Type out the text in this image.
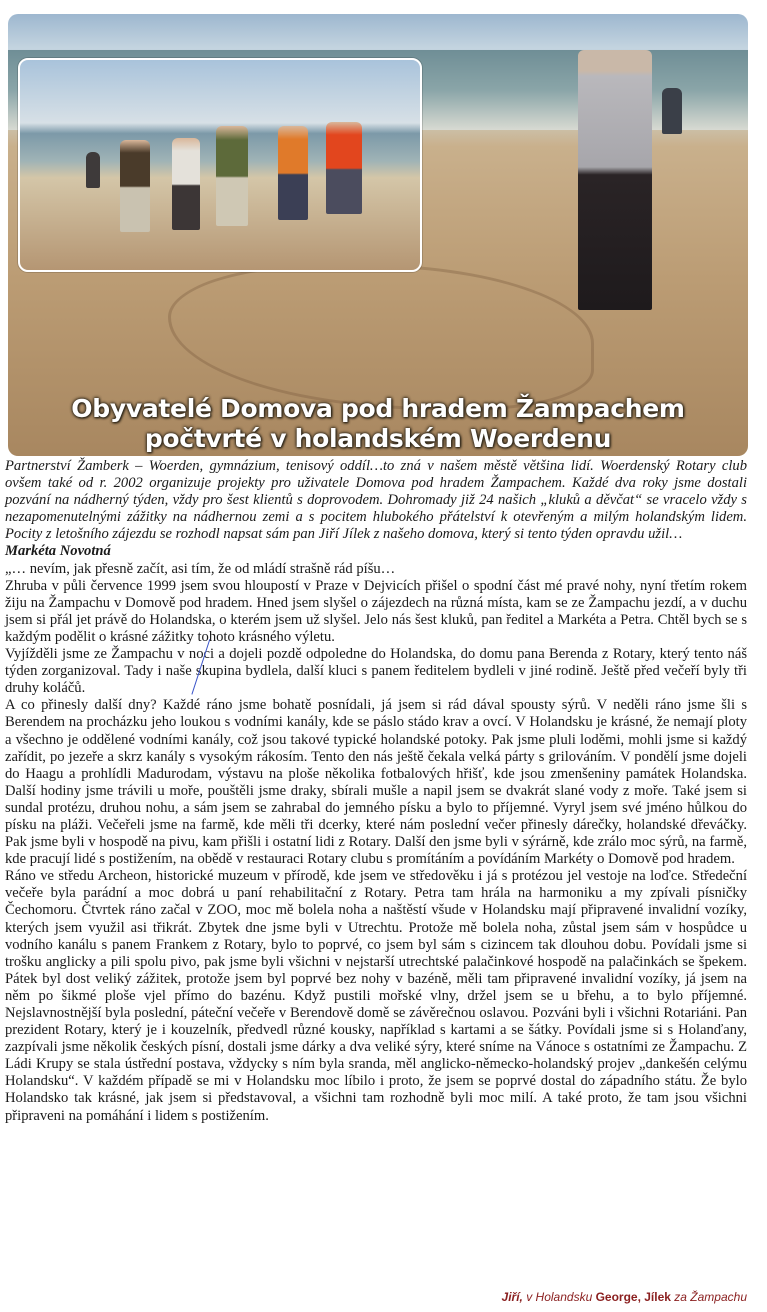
Obyvatelé Domova pod hradem Žampachem
počtvrté v holandském Woerdenu

Partnerství Žamberk – Woerden, gymnázium, tenisový oddíl…to zná v našem městě většina lidí. Woerdenský Rotary club ovšem také od r. 2002 organizuje projekty pro uživatele Domova pod hradem Žampachem. Každé dva roky jsme dostali pozvání na nádherný týden, vždy pro šest klientů s doprovodem. Dohromady již 24 našich „kluků a děvčat“ se vracelo vždy s nezapomenutelnými zážitky na nádhernou zemi a s pocitem hlubokého přátelství k otevřeným a milým holandským lidem. Pocity z letošního zájezdu se rozhodl napsat sám pan Jiří Jílek z našeho domova, který si tento týden opravdu užil…

Markéta Novotná

„… nevím, jak přesně začít, asi tím, že od mládí strašně rád píšu…

Zhruba v půli července 1999 jsem svou hloupostí v Praze v Dejvicích přišel o spodní část mé pravé nohy, nyní třetím rokem žiju na Žampachu v Domově pod hradem. Hned jsem slyšel o zájezdech na různá místa, kam se ze Žampachu jezdí, a v duchu jsem si přál jet právě do Holandska, o kterém jsem už slyšel. Jelo nás šest kluků, pan ředitel a Markéta a Petra. Chtěl bych se s každým podělit o krásné zážitky tohoto krásného výletu.

Vyjížděli jsme ze Žampachu v noci a dojeli pozdě odpoledne do Holandska, do domu pana Berenda z Rotary, který tento náš týden zorganizoval. Tady i naše skupina bydlela, další kluci s panem ředitelem bydleli v jiné rodině. Ještě před večeří byly tři druhy koláčů.

A co přinesly další dny? Každé ráno jsme bohatě posnídali, já jsem si rád dával spousty sýrů. V neděli ráno jsme šli s Berendem na procházku jeho loukou s vodními kanály, kde se páslo stádo krav a ovcí. V Holandsku je krásné, že nemají ploty a všechno je oddělené vodními kanály, což jsou takové typické holandské potoky. Pak jsme pluli loděmi, mohli jsme si každý zařídit, po jezeře a skrz kanály s vysokým rákosím. Tento den nás ještě čekala velká párty s grilováním. V pondělí jsme dojeli do Haagu a prohlídli Madurodam, výstavu na ploše několika fotbalových hřišť, kde jsou zmenšeniny památek Holandska. Další hodiny jsme trávili u moře, pouštěli jsme draky, sbírali mušle a napil jsem se dvakrát slané vody z moře. Také jsem si sundal protézu, druhou nohu, a sám jsem se zahrabal do jemného písku a bylo to příjemné. Vyryl jsem své jméno hůlkou do písku na pláži. Večeřeli jsme na farmě, kde měli tři dcerky, které nám poslední večer přinesly dárečky, holandské dřeváčky. Pak jsme byli v hospodě na pivu, kam přišli i ostatní lidi z Rotary. Další den jsme byli v sýrárně, kde zrálo moc sýrů, na farmě, kde pracují lidé s postižením, na obědě v restauraci Rotary clubu s promítáním a povídáním Markéty o Domově pod hradem.

Ráno ve středu Archeon, historické muzeum v přírodě, kde jsem ve středověku i já s protézou jel vestoje na loďce. Středeční večeře byla parádní a moc dobrá u paní rehabilitační z Rotary. Petra tam hrála na harmoniku a my zpívali písničky Čechomoru. Čtvrtek ráno začal v ZOO, moc mě bolela noha a naštěstí všude v Holandsku mají připravené invalidní vozíky, kterých jsem využil asi třikrát. Zbytek dne jsme byli v Utrechtu. Protože mě bolela noha, zůstal jsem sám v hospůdce u vodního kanálu s panem Frankem z Rotary, bylo to poprvé, co jsem byl sám s cizincem tak dlouhou dobu. Povídali jsme si trošku anglicky a pili spolu pivo, pak jsme byli všichni v nejstarší utrechtské palačinkové hospodě na palačinkách se špekem. Pátek byl dost veliký zážitek, protože jsem byl poprvé bez nohy v bazéně, měli tam připravené invalidní vozíky, já jsem na něm po šikmé ploše vjel přímo do bazénu. Když pustili mořské vlny, držel jsem se u břehu, a to bylo příjemné. Nejslavnostnější byla poslední, páteční večeře v Berendově domě se závěrečnou oslavou. Pozváni byli i všichni Rotariáni. Pan prezident Rotary, který je i kouzelník, předvedl různé kousky, například s kartami a se šátky. Povídali jsme si s Holanďany, zazpívali jsme několik českých písní, dostali jsme dárky a dva veliké sýry, které sníme na Vánoce s ostatními ze Žampachu. Z Ládi Krupy se stala ústřední postava, vždycky s ním byla sranda, měl anglicko-německo-holandský projev „dankešén celýmu Holandsku“. V každém případě se mi v Holandsku moc líbilo i proto, že jsem se poprvé dostal do západního státu. Že bylo Holandsko tak krásné, jak jsem si představoval, a všichni tam rozhodně byli moc milí. A také proto, že tam jsou všichni připraveni na pomáhání i lidem s postižením.

Jiří, v Holandsku George, Jílek za Žampachu
